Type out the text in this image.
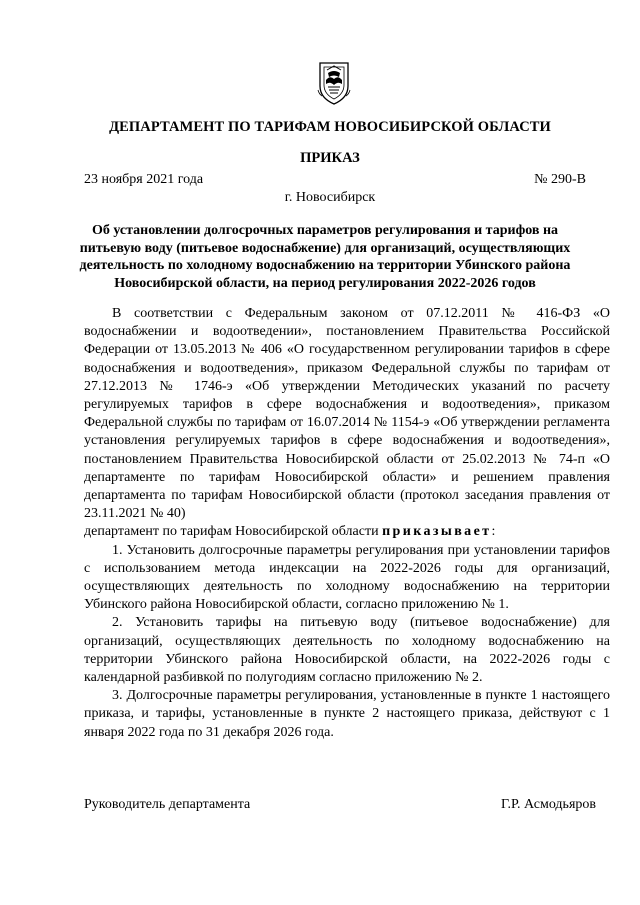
ДЕПАРТАМЕНТ ПО ТАРИФАМ НОВОСИБИРСКОЙ ОБЛАСТИ
ПРИКАЗ
23 ноября 2021 года	№ 290-В
г. Новосибирск
Об установлении долгосрочных параметров регулирования и тарифов на питьевую воду (питьевое водоснабжение) для организаций, осуществляющих деятельность по холодному водоснабжению на территории Убинского района Новосибирской области, на период регулирования 2022-2026 годов

В соответствии с Федеральным законом от 07.12.2011 № 416-ФЗ «О водоснабжении и водоотведении», постановлением Правительства Российской Федерации от 13.05.2013 № 406 «О государственном регулировании тарифов в сфере водоснабжения и водоотведения», приказом Федеральной службы по тарифам от 27.12.2013 № 1746-э «Об утверждении Методических указаний по расчету регулируемых тарифов в сфере водоснабжения и водоотведения», приказом Федеральной службы по тарифам от 16.07.2014 № 1154-э «Об утверждении регламента установления регулируемых тарифов в сфере водоснабжения и водоотведения», постановлением Правительства Новосибирской области от 25.02.2013 № 74-п «О департаменте по тарифам Новосибирской области» и решением правления департамента по тарифам Новосибирской области (протокол заседания правления от 23.11.2021 № 40)

департамент по тарифам Новосибирской области приказывает:

1. Установить долгосрочные параметры регулирования при установлении тарифов с использованием метода индексации на 2022-2026 годы для организаций, осуществляющих деятельность по холодному водоснабжению на территории Убинского района Новосибирской области, согласно приложению № 1.

2. Установить тарифы на питьевую воду (питьевое водоснабжение) для организаций, осуществляющих деятельность по холодному водоснабжению на территории Убинского района Новосибирской области, на 2022-2026 годы с календарной разбивкой по полугодиям согласно приложению № 2.

3. Долгосрочные параметры регулирования, установленные в пункте 1 настоящего приказа, и тарифы, установленные в пункте 2 настоящего приказа, действуют с 1 января 2022 года по 31 декабря 2026 года.

Руководитель департамента	Г.Р. Асмодьяров
